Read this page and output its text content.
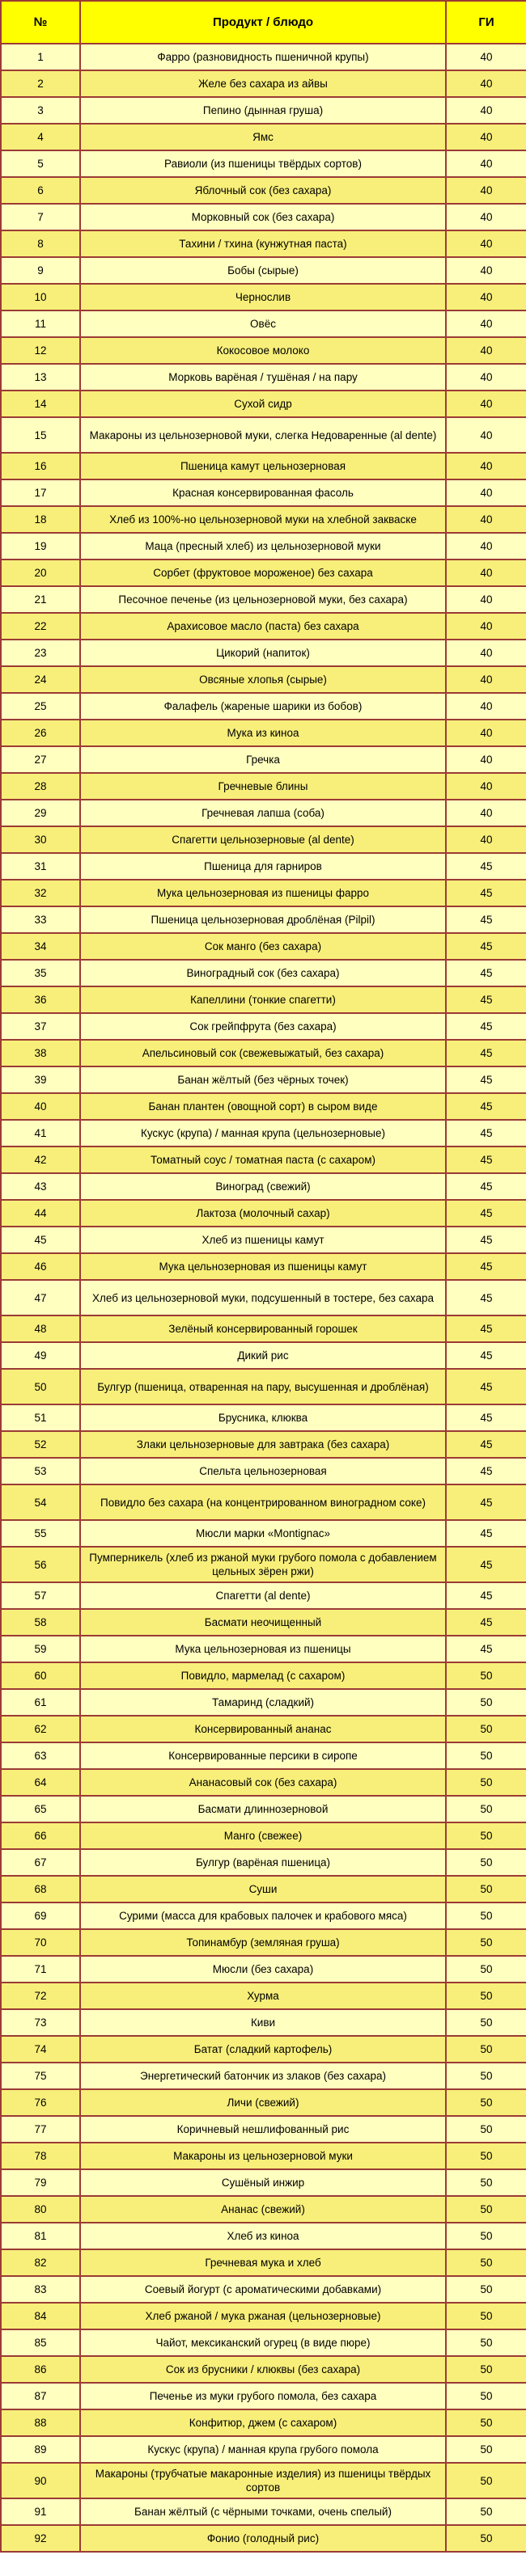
№	Продукт / блюдо	ГИ
1	Фарро (разновидность пшеничной крупы)	40
2	Желе без сахара из айвы	40
3	Пепино (дынная груша)	40
4	Ямс	40
5	Равиоли (из пшеницы твёрдых сортов)	40
6	Яблочный сок (без сахара)	40
7	Морковный сок (без сахара)	40
8	Тахини / тхина (кунжутная паста)	40
9	Бобы (сырые)	40
10	Чернослив	40
11	Овёс	40
12	Кокосовое молоко	40
13	Морковь варёная / тушёная / на пару	40
14	Сухой сидр	40
15	Макароны из цельнозерновой муки, слегка Недоваренные (al dente)	40
16	Пшеница камут цельнозерновая	40
17	Красная консервированная фасоль	40
18	Хлеб из 100%-но цельнозерновой муки на хлебной закваске	40
19	Маца (пресный хлеб) из цельнозерновой муки	40
20	Сорбет (фруктовое мороженое) без сахара	40
21	Песочное печенье (из цельнозерновой муки, без сахара)	40
22	Арахисовое масло (паста) без сахара	40
23	Цикорий (напиток)	40
24	Овсяные хлопья (сырые)	40
25	Фалафель (жареные шарики из бобов)	40
26	Мука из киноа	40
27	Гречка	40
28	Гречневые блины	40
29	Гречневая лапша (соба)	40
30	Спагетти цельнозерновые (al dente)	40
31	Пшеница для гарниров	45
32	Мука цельнозерновая из пшеницы фарро	45
33	Пшеница цельнозерновая дроблёная (Pilpil)	45
34	Сок манго (без сахара)	45
35	Виноградный сок (без сахара)	45
36	Капеллини (тонкие спагетти)	45
37	Сок грейпфрута (без сахара)	45
38	Апельсиновый сок (свежевыжатый, без сахара)	45
39	Банан жёлтый (без чёрных точек)	45
40	Банан плантен (овощной сорт) в сыром виде	45
41	Кускус (крупа) / манная крупа (цельнозерновые)	45
42	Томатный соус / томатная паста (с сахаром)	45
43	Виноград (свежий)	45
44	Лактоза (молочный сахар)	45
45	Хлеб из пшеницы камут	45
46	Мука цельнозерновая из пшеницы камут	45
47	Хлеб из цельнозерновой муки, подсушенный в тостере, без сахара	45
48	Зелёный консервированный горошек	45
49	Дикий рис	45
50	Булгур (пшеница, отваренная на пару, высушенная и дроблёная)	45
51	Брусника, клюква	45
52	Злаки цельнозерновые для завтрака (без сахара)	45
53	Спельта цельнозерновая	45
54	Повидло без сахара (на концентрированном виноградном соке)	45
55	Мюсли марки «Montignac»	45
56	Пумперникель (хлеб из ржаной муки грубого помола с добавлением цельных зёрен ржи)	45
57	Спагетти (al dente)	45
58	Басмати неочищенный	45
59	Мука цельнозерновая из пшеницы	45
60	Повидло, мармелад (с сахаром)	50
61	Тамаринд (сладкий)	50
62	Консервированный ананас	50
63	Консервированные персики в сиропе	50
64	Ананасовый сок (без сахара)	50
65	Басмати длиннозерновой	50
66	Манго (свежее)	50
67	Булгур (варёная пшеница)	50
68	Суши	50
69	Сурими (масса для крабовых палочек и крабового мяса)	50
70	Топинамбур (земляная груша)	50
71	Мюсли (без сахара)	50
72	Хурма	50
73	Киви	50
74	Батат (сладкий картофель)	50
75	Энергетический батончик из злаков (без сахара)	50
76	Личи (свежий)	50
77	Коричневый нешлифованный рис	50
78	Макароны из цельнозерновой муки	50
79	Сушёный инжир	50
80	Ананас (свежий)	50
81	Хлеб из киноа	50
82	Гречневая мука и хлеб	50
83	Соевый йогурт (с ароматическими добавками)	50
84	Хлеб ржаной / мука ржаная (цельнозерновые)	50
85	Чайот, мексиканский огурец (в виде пюре)	50
86	Сок из брусники / клюквы (без сахара)	50
87	Печенье из муки грубого помола, без сахара	50
88	Конфитюр, джем (с сахаром)	50
89	Кускус (крупа) / манная крупа грубого помола	50
90	Макароны (трубчатые макаронные изделия) из пшеницы твёрдых сортов	50
91	Банан жёлтый (с чёрными точками, очень спелый)	50
92	Фонио (голодный рис)	50
